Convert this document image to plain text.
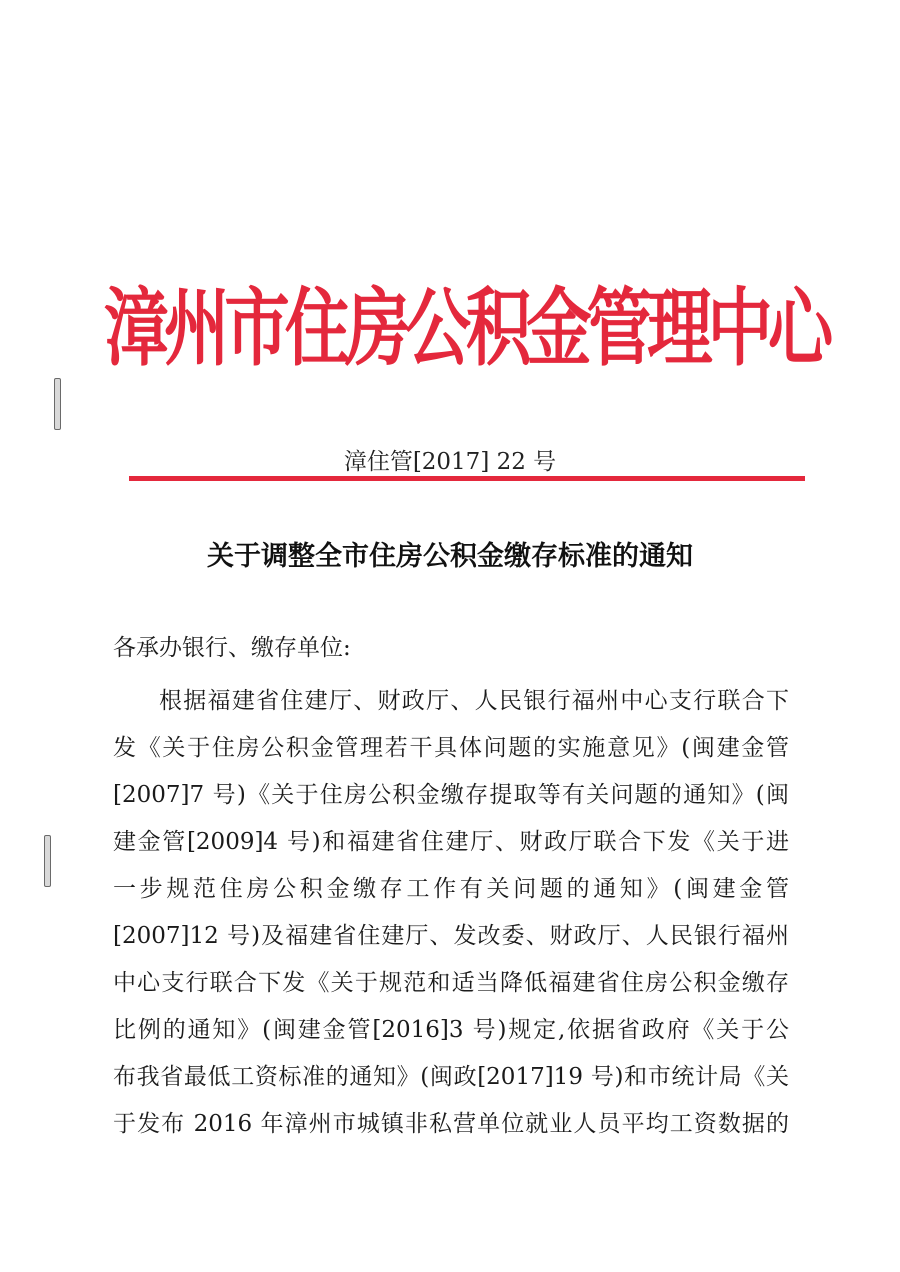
漳州市住房公积金管理中心
漳住管[2017] 22 号
关于调整全市住房公积金缴存标准的通知
各承办银行、缴存单位:
根据福建省住建厅、财政厅、人民银行福州中心支行联合下
发《关于住房公积金管理若干具体问题的实施意见》(闽建金管
[2007]7 号)《关于住房公积金缴存提取等有关问题的通知》(闽
建金管[2009]4 号)和福建省住建厅、财政厅联合下发《关于进
一步规范住房公积金缴存工作有关问题的通知》(闽建金管
[2007]12 号)及福建省住建厅、发改委、财政厅、人民银行福州
中心支行联合下发《关于规范和适当降低福建省住房公积金缴存
比例的通知》(闽建金管[2016]3 号)规定,依据省政府《关于公
布我省最低工资标准的通知》(闽政[2017]19 号)和市统计局《关
于发布 2016 年漳州市城镇非私营单位就业人员平均工资数据的
